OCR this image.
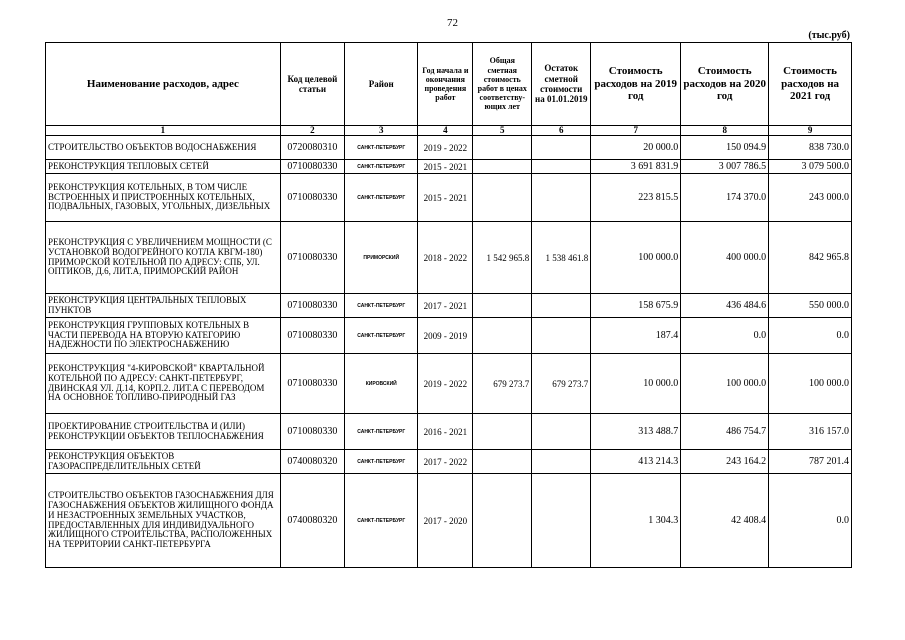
72
(тыс.руб)
Наименование расходов, адрес	Код целевой статьи	Район	Год начала и окончания проведения работ	Общая сметная стоимость работ в ценах соответству-ющих лет	Остаток сметной стоимости на 01.01.2019	Стоимость расходов на 2019 год	Стоимость расходов на 2020 год	Стоимость расходов на 2021 год
1	2	3	4	5	6	7	8	9
СТРОИТЕЛЬСТВО ОБЪЕКТОВ ВОДОСНАБЖЕНИЯ	0720080310	САНКТ-ПЕТЕРБУРГ	2019 - 2022			20 000.0	150 094.9	838 730.0
РЕКОНСТРУКЦИЯ ТЕПЛОВЫХ СЕТЕЙ	0710080330	САНКТ-ПЕТЕРБУРГ	2015 - 2021			3 691 831.9	3 007 786.5	3 079 500.0
РЕКОНСТРУКЦИЯ КОТЕЛЬНЫХ, В ТОМ ЧИСЛЕ ВСТРОЕННЫХ И ПРИСТРОЕННЫХ КОТЕЛЬНЫХ, ПОДВАЛЬНЫХ, ГАЗОВЫХ, УГОЛЬНЫХ, ДИЗЕЛЬНЫХ	0710080330	САНКТ-ПЕТЕРБУРГ	2015 - 2021			223 815.5	174 370.0	243 000.0
РЕКОНСТРУКЦИЯ С УВЕЛИЧЕНИЕМ МОЩНОСТИ (С УСТАНОВКОЙ ВОДОГРЕЙНОГО КОТЛА КВГМ-180) ПРИМОРСКОЙ КОТЕЛЬНОЙ ПО АДРЕСУ: СПБ, УЛ. ОПТИКОВ, Д.6, ЛИТ.А, ПРИМОРСКИЙ РАЙОН	0710080330	ПРИМОРСКИЙ	2018 - 2022	1 542 965.8	1 538 461.8	100 000.0	400 000.0	842 965.8
РЕКОНСТРУКЦИЯ ЦЕНТРАЛЬНЫХ ТЕПЛОВЫХ ПУНКТОВ	0710080330	САНКТ-ПЕТЕРБУРГ	2017 - 2021			158 675.9	436 484.6	550 000.0
РЕКОНСТРУКЦИЯ ГРУППОВЫХ КОТЕЛЬНЫХ В ЧАСТИ ПЕРЕВОДА НА ВТОРУЮ КАТЕГОРИЮ НАДЕЖНОСТИ ПО ЭЛЕКТРОСНАБЖЕНИЮ	0710080330	САНКТ-ПЕТЕРБУРГ	2009 - 2019			187.4	0.0	0.0
РЕКОНСТРУКЦИЯ "4-КИРОВСКОЙ" КВАРТАЛЬНОЙ КОТЕЛЬНОЙ ПО АДРЕСУ: САНКТ-ПЕТЕРБУРГ, ДВИНСКАЯ УЛ. Д.14, КОРП.2. ЛИТ.А С ПЕРЕВОДОМ НА ОСНОВНОЕ ТОПЛИВО-ПРИРОДНЫЙ ГАЗ	0710080330	КИРОВСКИЙ	2019 - 2022	679 273.7	679 273.7	10 000.0	100 000.0	100 000.0
ПРОЕКТИРОВАНИЕ СТРОИТЕЛЬСТВА И (ИЛИ) РЕКОНСТРУКЦИИ ОБЪЕКТОВ ТЕПЛОСНАБЖЕНИЯ	0710080330	САНКТ-ПЕТЕРБУРГ	2016 - 2021			313 488.7	486 754.7	316 157.0
РЕКОНСТРУКЦИЯ ОБЪЕКТОВ ГАЗОРАСПРЕДЕЛИТЕЛЬНЫХ СЕТЕЙ	0740080320	САНКТ-ПЕТЕРБУРГ	2017 - 2022			413 214.3	243 164.2	787 201.4
СТРОИТЕЛЬСТВО ОБЪЕКТОВ ГАЗОСНАБЖЕНИЯ ДЛЯ ГАЗОСНАБЖЕНИЯ ОБЪЕКТОВ ЖИЛИЩНОГО ФОНДА И НЕЗАСТРОЕННЫХ ЗЕМЕЛЬНЫХ УЧАСТКОВ, ПРЕДОСТАВЛЕННЫХ ДЛЯ ИНДИВИДУАЛЬНОГО ЖИЛИЩНОГО СТРОИТЕЛЬСТВА, РАСПОЛОЖЕННЫХ НА ТЕРРИТОРИИ САНКТ-ПЕТЕРБУРГА	0740080320	САНКТ-ПЕТЕРБУРГ	2017 - 2020			1 304.3	42 408.4	0.0
